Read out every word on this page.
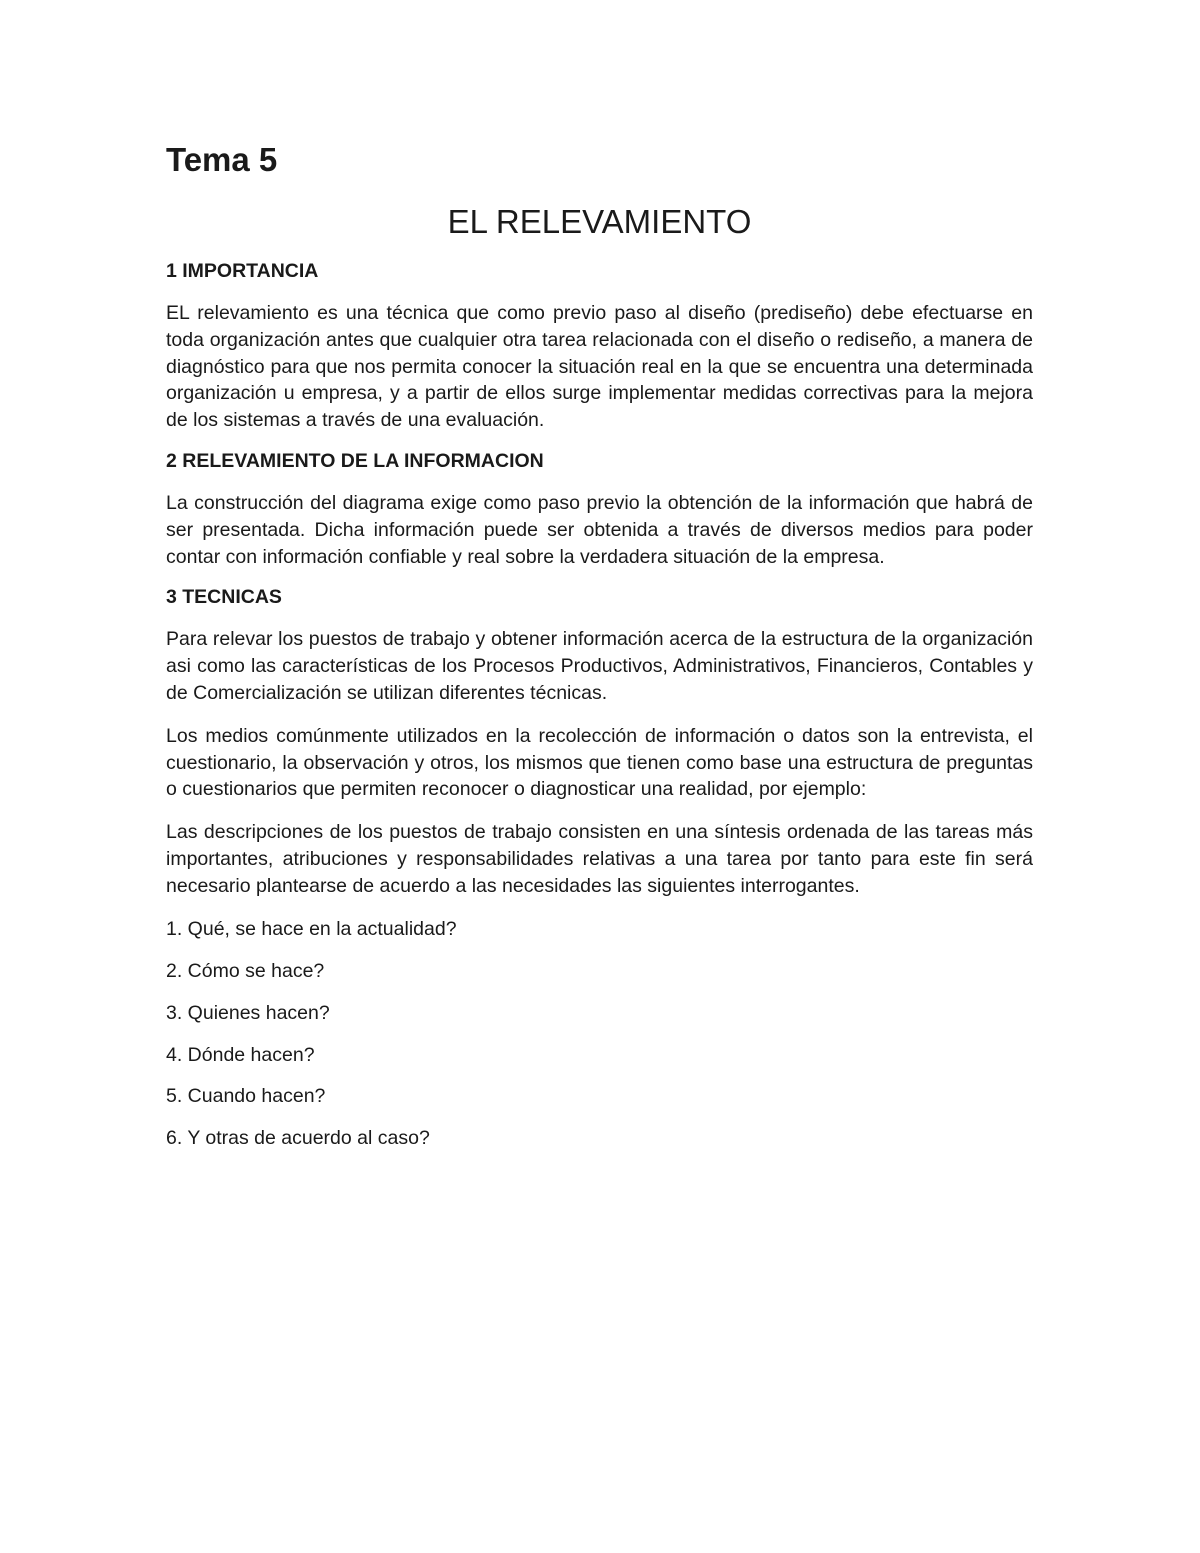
Tema 5
EL RELEVAMIENTO
1 IMPORTANCIA

EL relevamiento es una técnica que como previo paso al diseño (prediseño) debe efectuarse en toda organización antes que cualquier otra tarea relacionada con el diseño o rediseño, a manera de diagnóstico para que nos permita conocer la situación real en la que se encuentra una determinada organización u empresa, y a partir de ellos surge implementar medidas correctivas para la mejora de los sistemas a través de una evaluación.

2 RELEVAMIENTO DE LA INFORMACION

La construcción del diagrama exige como paso previo la obtención de la información que habrá de ser presentada. Dicha información puede ser obtenida a través de diversos medios para poder contar con información confiable y real sobre la verdadera situación de la empresa.

3 TECNICAS

Para relevar los puestos de trabajo y obtener información acerca de la estructura de la organización asi como las características de los Procesos Productivos, Administrativos, Financieros, Contables y de Comercialización se utilizan diferentes técnicas.

Los medios comúnmente utilizados en la recolección de información o datos son la entrevista, el cuestionario, la observación y otros, los mismos que tienen como base una estructura de preguntas o cuestionarios que permiten reconocer o diagnosticar una realidad, por ejemplo:

Las descripciones de los puestos de trabajo consisten en una síntesis ordenada de las tareas más importantes, atribuciones y responsabilidades relativas a una tarea por tanto para este fin será necesario plantearse de acuerdo a las necesidades las siguientes interrogantes.

1. Qué, se hace en la actualidad?
2. Cómo se hace?
3. Quienes hacen?
4. Dónde hacen?
5. Cuando hacen?
6. Y otras de acuerdo al caso?
